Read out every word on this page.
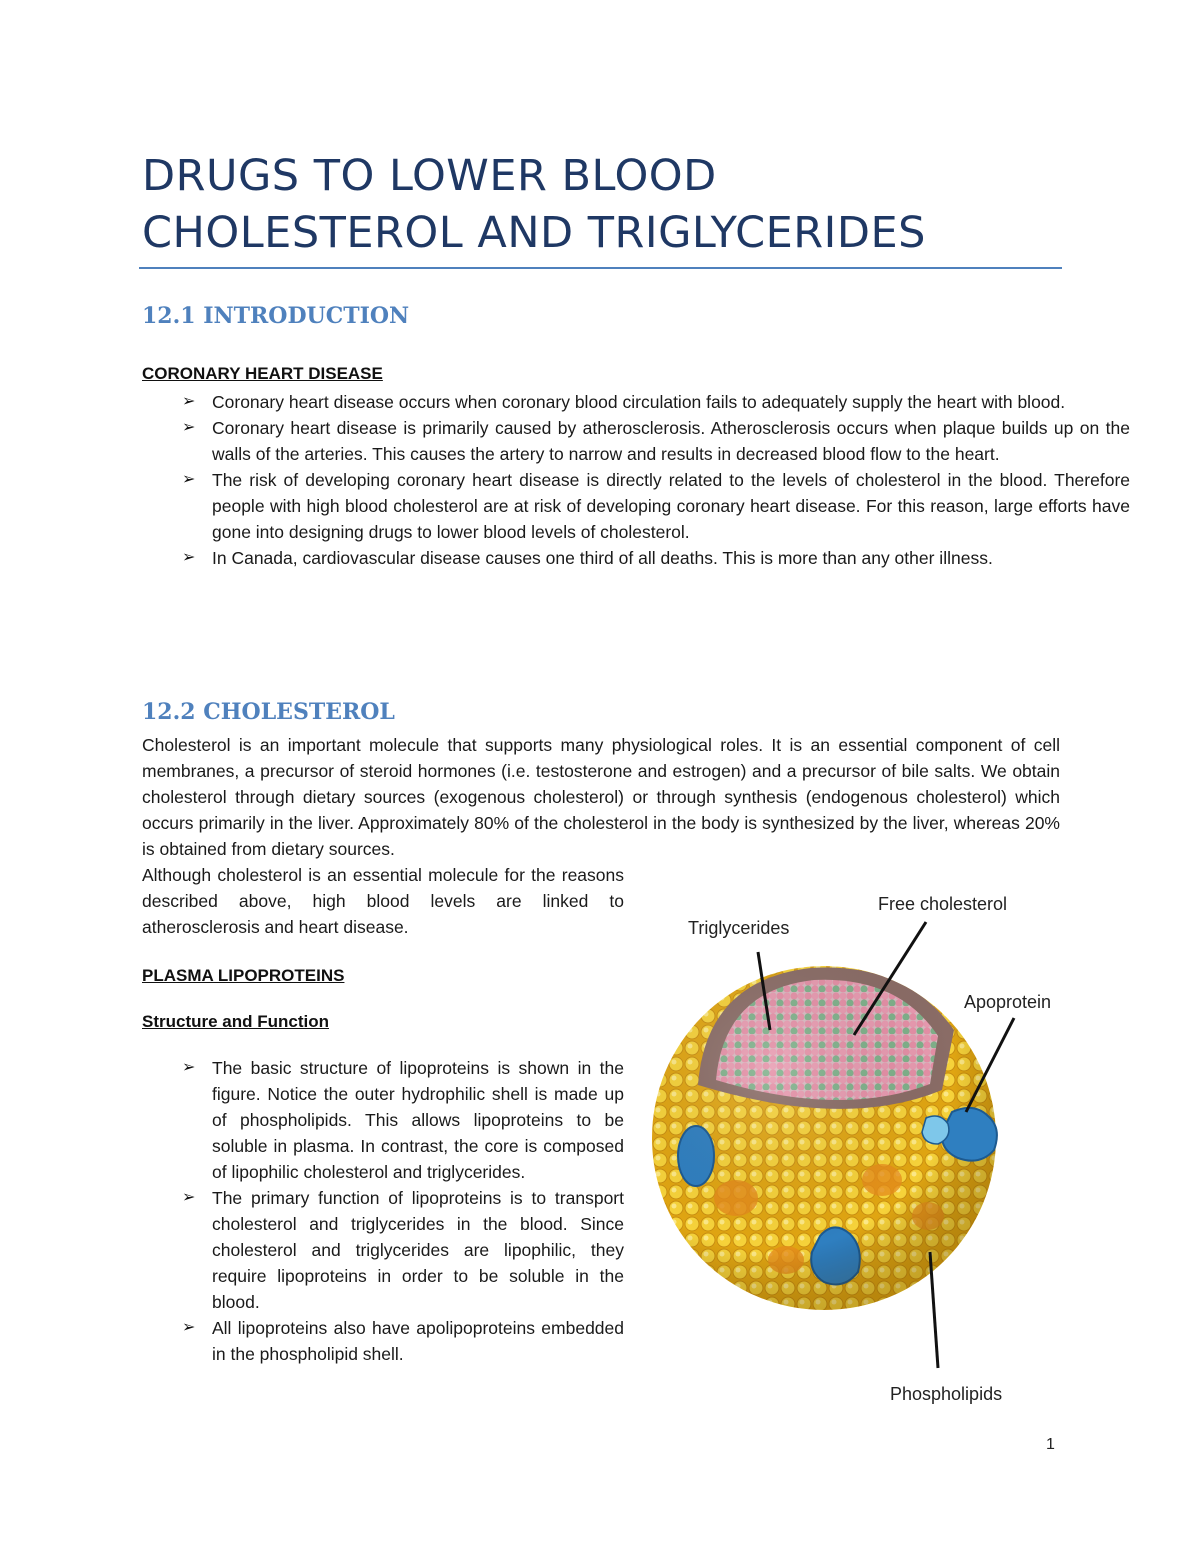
DRUGS TO LOWER BLOOD
CHOLESTEROL AND TRIGLYCERIDES
12.1 INTRODUCTION
CORONARY HEART DISEASE
➢ Coronary heart disease occurs when coronary blood circulation fails to adequately supply the heart with blood.
➢ Coronary heart disease is primarily caused by atherosclerosis. Atherosclerosis occurs when plaque builds up on the walls of the arteries. This causes the artery to narrow and results in decreased blood flow to the heart.
➢ The risk of developing coronary heart disease is directly related to the levels of cholesterol in the blood. Therefore people with high blood cholesterol are at risk of developing coronary heart disease. For this reason, large efforts have gone into designing drugs to lower blood levels of cholesterol.
➢ In Canada, cardiovascular disease causes one third of all deaths. This is more than any other illness.
12.2 CHOLESTEROL

Cholesterol is an important molecule that supports many physiological roles. It is an essential component of cell membranes, a precursor of steroid hormones (i.e. testosterone and estrogen) and a precursor of bile salts. We obtain cholesterol through dietary sources (exogenous cholesterol) or through synthesis (endogenous cholesterol) which occurs primarily in the liver. Approximately 80% of the cholesterol in the body is synthesized by the liver, whereas 20% is obtained from dietary sources.

Although cholesterol is an essential molecule for the reasons described above, high blood levels are linked to atherosclerosis and heart disease.

PLASMA LIPOPROTEINS
Structure and Function
➢ The basic structure of lipoproteins is shown in the figure. Notice the outer hydrophilic shell is made up of phospholipids. This allows lipoproteins to be soluble in plasma. In contrast, the core is composed of lipophilic cholesterol and triglycerides.
➢ The primary function of lipoproteins is to transport cholesterol and triglycerides in the blood. Since cholesterol and triglycerides are lipophilic, they require lipoproteins in order to be soluble in the blood.
➢ All lipoproteins also have apolipoproteins embedded in the phospholipid shell.
Triglycerides
Free cholesterol
Apoprotein
Phospholipids
1
